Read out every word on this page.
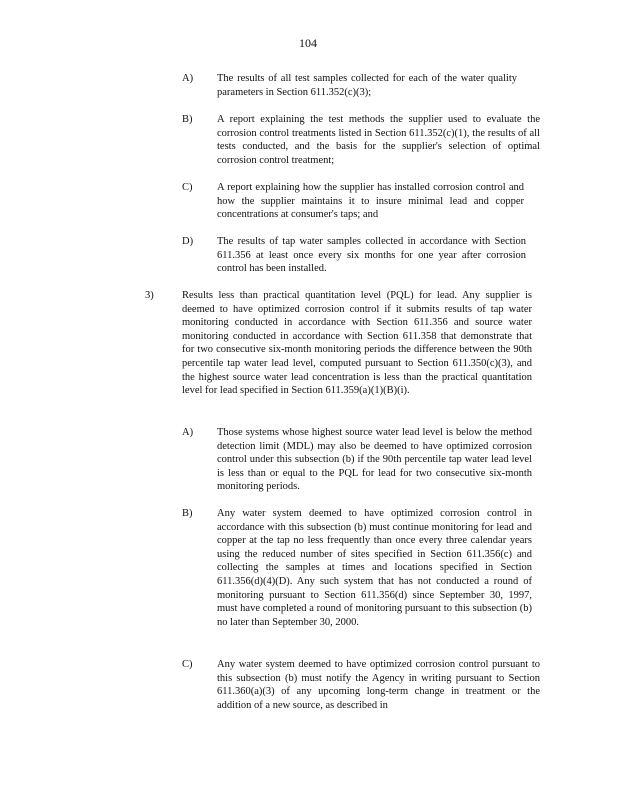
104
A) The results of all test samples collected for each of the water quality parameters in Section 611.352(c)(3);
B) A report explaining the test methods the supplier used to evaluate the corrosion control treatments listed in Section 611.352(c)(1), the results of all tests conducted, and the basis for the supplier's selection of optimal corrosion control treatment;
C) A report explaining how the supplier has installed corrosion control and how the supplier maintains it to insure minimal lead and copper concentrations at consumer's taps; and
D) The results of tap water samples collected in accordance with Section 611.356 at least once every six months for one year after corrosion control has been installed.
3)	Results less than practical quantitation level (PQL) for lead. Any supplier is deemed to have optimized corrosion control if it submits results of tap water monitoring conducted in accordance with Section 611.356 and source water monitoring conducted in accordance with Section 611.358 that demonstrate that for two consecutive six-month monitoring periods the difference between the 90th percentile tap water lead level, computed pursuant to Section 611.350(c)(3), and the highest source water lead concentration is less than the practical quantitation level for lead specified in Section 611.359(a)(1)(B)(i).
A) Those systems whose highest source water lead level is below the method detection limit (MDL) may also be deemed to have optimized corrosion control under this subsection (b) if the 90th percentile tap water lead level is less than or equal to the PQL for lead for two consecutive six-month monitoring periods.
B) Any water system deemed to have optimized corrosion control in accordance with this subsection (b) must continue monitoring for lead and copper at the tap no less frequently than once every three calendar years using the reduced number of sites specified in Section 611.356(c) and collecting the samples at times and locations specified in Section 611.356(d)(4)(D). Any such system that has not conducted a round of monitoring pursuant to Section 611.356(d) since September 30, 1997, must have completed a round of monitoring pursuant to this subsection (b) no later than September 30, 2000.
C) Any water system deemed to have optimized corrosion control pursuant to this subsection (b) must notify the Agency in writing pursuant to Section 611.360(a)(3) of any upcoming long-term change in treatment or the addition of a new source, as described in
